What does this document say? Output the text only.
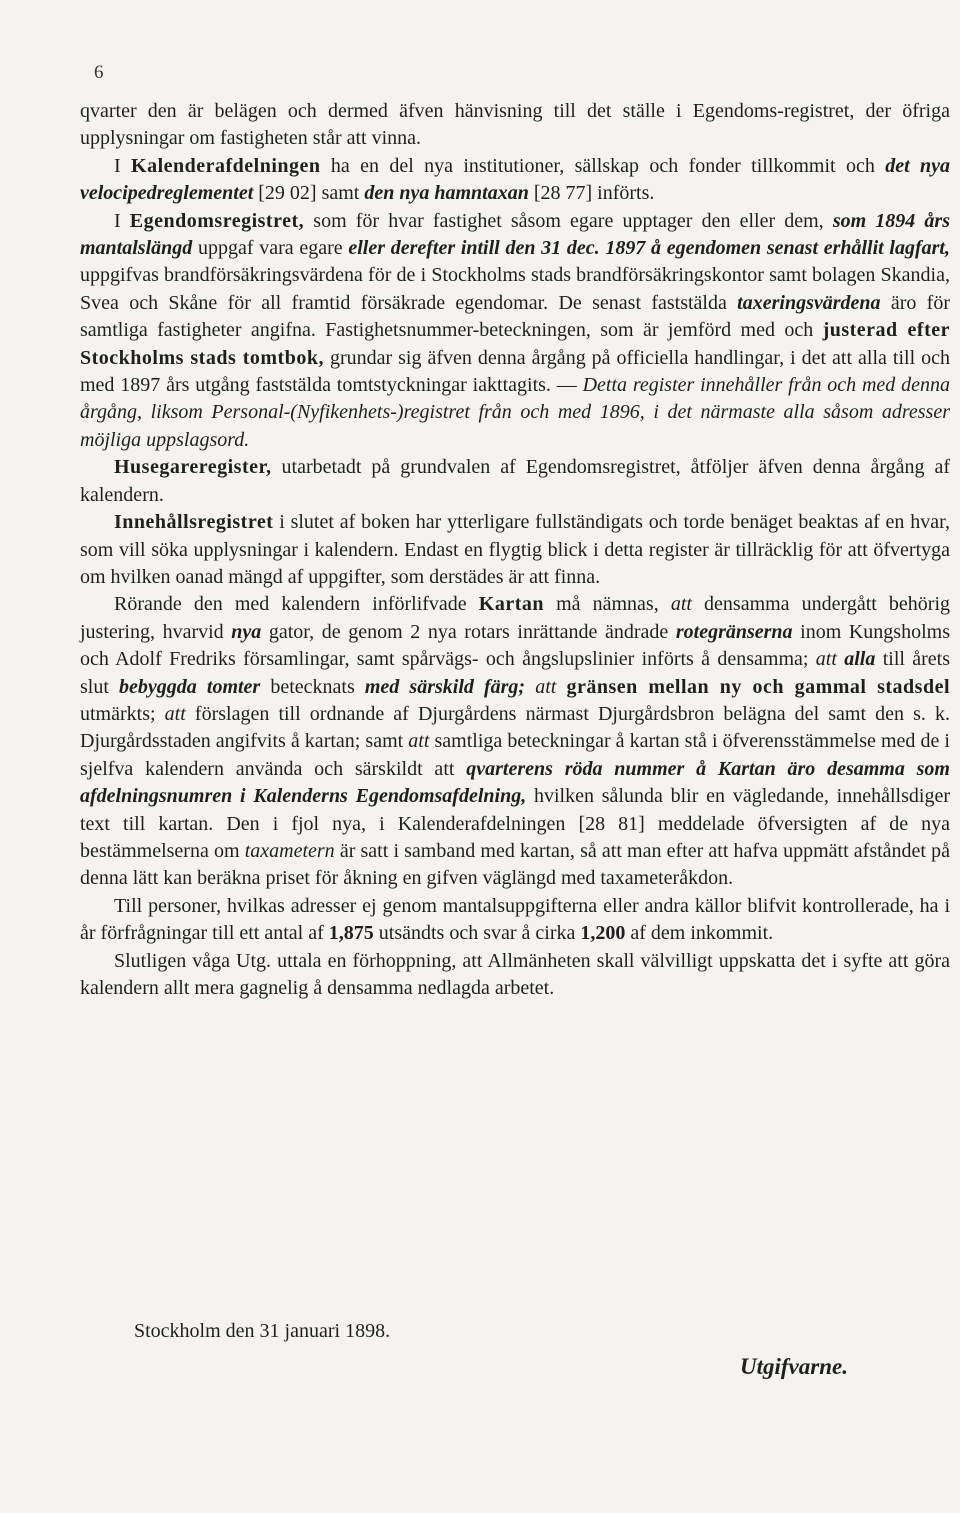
6

qvarter den är belägen och dermed äfven hänvisning till det ställe i Egendoms-registret, der öfriga upplysningar om fastigheten står att vinna.

I Kalenderafdelningen ha en del nya institutioner, sällskap och fonder tillkommit och det nya velocipedreglementet [29 02] samt den nya hamntaxan [28 77] införts.

I Egendomsregistret, som för hvar fastighet såsom egare upptager den eller dem, som 1894 års mantalslängd uppgaf vara egare eller derefter intill den 31 dec. 1897 å egendomen senast erhållit lagfart, uppgifvas brandförsäkringsvärdena för de i Stockholms stads brandförsäkringskontor samt bolagen Skandia, Svea och Skåne för all framtid försäkrade egendomar. De senast faststälda taxeringsvärdena äro för samtliga fastigheter angifna. Fastighetsnummer-beteckningen, som är jemförd med och justerad efter Stockholms stads tomtbok, grundar sig äfven denna årgång på officiella handlingar, i det att alla till och med 1897 års utgång faststälda tomtstyckningar iakttagits. — Detta register innehåller från och med denna årgång, liksom Personal-(Nyfikenhets-)registret från och med 1896, i det närmaste alla såsom adresser möjliga uppslagsord.

Husegareregister, utarbetadt på grundvalen af Egendomsregistret, åtföljer äfven denna årgång af kalendern.

Innehållsregistret i slutet af boken har ytterligare fullständigats och torde benäget beaktas af en hvar, som vill söka upplysningar i kalendern. Endast en flygtig blick i detta register är tillräcklig för att öfvertyga om hvilken oanad mängd af uppgifter, som derstädes är att finna.

Rörande den med kalendern införlifvade Kartan må nämnas, att densamma undergått behörig justering, hvarvid nya gator, de genom 2 nya rotars inrättande ändrade rotegränserna inom Kungsholms och Adolf Fredriks församlingar, samt spårvägs- och ångslupslinier införts å densamma; att alla till årets slut bebyggda tomter betecknats med särskild färg; att gränsen mellan ny och gammal stadsdel utmärkts; att förslagen till ordnande af Djurgårdens närmast Djurgårdsbron belägna del samt den s. k. Djurgårdsstaden angifvits å kartan; samt att samtliga beteckningar å kartan stå i öfverensstämmelse med de i sjelfva kalendern använda och särskildt att qvarterens röda nummer å Kartan äro desamma som afdelningsnumren i Kalenderns Egendomsafdelning, hvilken sålunda blir en vägledande, innehållsdiger text till kartan. Den i fjol nya, i Kalenderafdelningen [28 81] meddelade öfversigten af de nya bestämmelserna om taxametern är satt i samband med kartan, så att man efter att hafva uppmätt afståndet på denna lätt kan beräkna priset för åkning en gifven väglängd med taxameteråkdon.

Till personer, hvilkas adresser ej genom mantalsuppgifterna eller andra källor blifvit kontrollerade, ha i år förfrågningar till ett antal af 1,875 utsändts och svar å cirka 1,200 af dem inkommit.

Slutligen våga Utg. uttala en förhoppning, att Allmänheten skall välvilligt uppskatta det i syfte att göra kalendern allt mera gagnelig å densamma nedlagda arbetet.

Stockholm den 31 januari 1898.
Utgifvarne.
